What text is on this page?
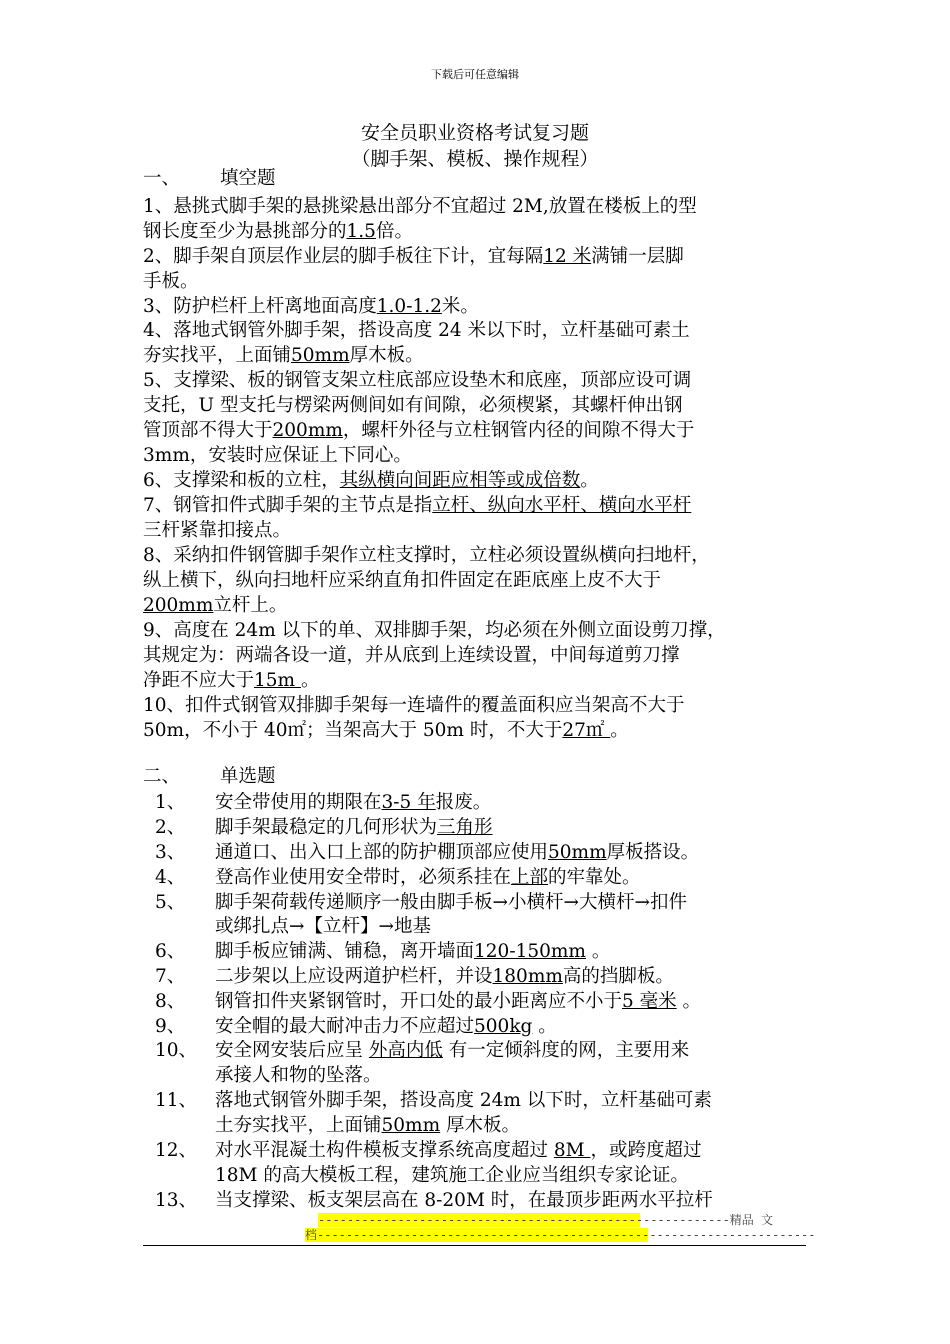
下载后可任意编辑
安全员职业资格考试复习题
（脚手架、模板、操作规程）
一、 填空题
1、悬挑式脚手架的悬挑梁悬出部分不宜超过 2M,放置在楼板上的型
钢长度至少为悬挑部分的1.5倍。
2、脚手架自顶层作业层的脚手板往下计，宜每隔12 米满铺一层脚
手板。
3、防护栏杆上杆离地面高度1.0-1.2米。
4、落地式钢管外脚手架，搭设高度 24 米以下时，立杆基础可素土
夯实找平，上面铺50mm厚木板。
5、支撑梁、板的钢管支架立柱底部应设垫木和底座，顶部应设可调
支托，U 型支托与楞梁两侧间如有间隙，必须楔紧，其螺杆伸出钢
管顶部不得大于200mm，螺杆外径与立柱钢管内径的间隙不得大于
3mm，安装时应保证上下同心。
6、支撑梁和板的立柱，其纵横向间距应相等或成倍数。
7、钢管扣件式脚手架的主节点是指立杆、纵向水平杆、横向水平杆
三杆紧靠扣接点。
8、采纳扣件钢管脚手架作立柱支撑时，立柱必须设置纵横向扫地杆，
纵上横下，纵向扫地杆应采纳直角扣件固定在距底座上皮不大于
200mm立杆上。
9、高度在 24m 以下的单、双排脚手架，均必须在外侧立面设剪刀撑，
其规定为：两端各设一道，并从底到上连续设置，中间每道剪刀撑
净距不应大于15m 。
10、扣件式钢管双排脚手架每一连墙件的覆盖面积应当架高不大于
50m，不小于 40㎡；当架高大于 50m 时，不大于27㎡ 。
二、 单选题
1、 安全带使用的期限在3-5 年报废。
2、 脚手架最稳定的几何形状为三角形
3、 通道口、出入口上部的防护棚顶部应使用50mm厚板搭设。
4、 登高作业使用安全带时，必须系挂在上部的牢靠处。
5、 脚手架荷载传递顺序一般由脚手板→小横杆→大横杆→扣件
或绑扎点→【立杆】→地基
6、 脚手板应铺满、铺稳，离开墙面120-150mm 。
7、 二步架以上应设两道护栏杆，并设180mm高的挡脚板。
8、 钢管扣件夹紧钢管时，开口处的最小距离应不小于5 毫米 。
9、 安全帽的最大耐冲击力不应超过500kg 。
10、 安全网安装后应呈 外高内低 有一定倾斜度的网，主要用来
承接人和物的坠落。
11、 落地式钢管外脚手架，搭设高度 24m 以下时，立杆基础可素
土夯实找平，上面铺50mm 厚木板。
12、 对水平混凝土构件模板支撑系统高度超过 8M ，或跨度超过
18M 的高大模板工程，建筑施工企业应当组织专家论证。
13、 当支撑梁、板支架层高在 8-20M 时，在最顶步距两水平拉杆
---------------------------------------------------------精品 文
档---------------------------------------------------------------------
